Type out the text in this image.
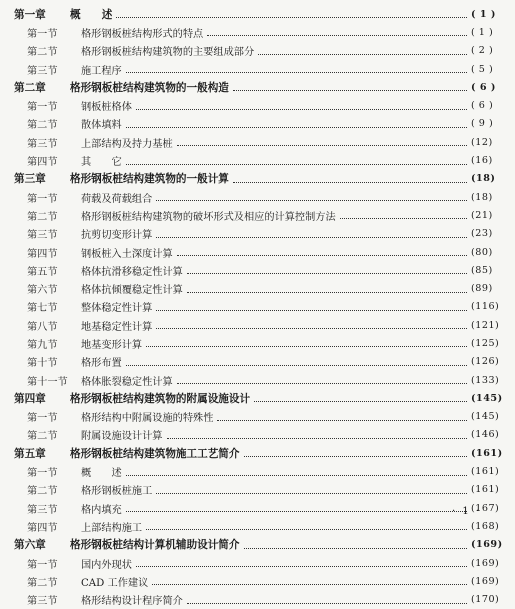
第一章	概　　述	( 1 )
第一节	格形钢板桩结构形式的特点	( 1 )
第二节	格形钢板桩结构建筑物的主要组成部分	( 2 )
第三节	施工程序	( 5 )
第二章	格形钢板桩结构建筑物的一般构造	( 6 )
第一节	钢板桩格体	( 6 )
第二节	散体填料	( 9 )
第三节	上部结构及持力基桩	(12)
第四节	其　　它	(16)
第三章	格形钢板桩结构建筑物的一般计算	(18)
第一节	荷载及荷载组合	(18)
第二节	格形钢板桩结构建筑物的破坏形式及相应的计算控制方法	(21)
第三节	抗剪切变形计算	(23)
第四节	钢板桩入土深度计算	(80)
第五节	格体抗滑移稳定性计算	(85)
第六节	格体抗倾覆稳定性计算	(89)
第七节	整体稳定性计算	(116)
第八节	地基稳定性计算	(121)
第九节	地基变形计算	(125)
第十节	格形布置	(126)
第十一节	格体胀裂稳定性计算	(133)
第四章	格形钢板桩结构建筑物的附属设施设计	(145)
第一节	格形结构中附属设施的特殊性	(145)
第二节	附属设施设计计算	(146)
第五章	格形钢板桩结构建筑物施工工艺简介	(161)
第一节	概　　述	(161)
第二节	格形钢板桩施工	(161)
第三节	格内填充	(167)
第四节	上部结构施工	(168)
第六章	格形钢板桩结构计算机辅助设计简介	(169)
第一节	国内外现状	(169)
第二节	CAD 工作建议	(169)
第三节	格形结构设计程序简介	(170)
· 1 ·
